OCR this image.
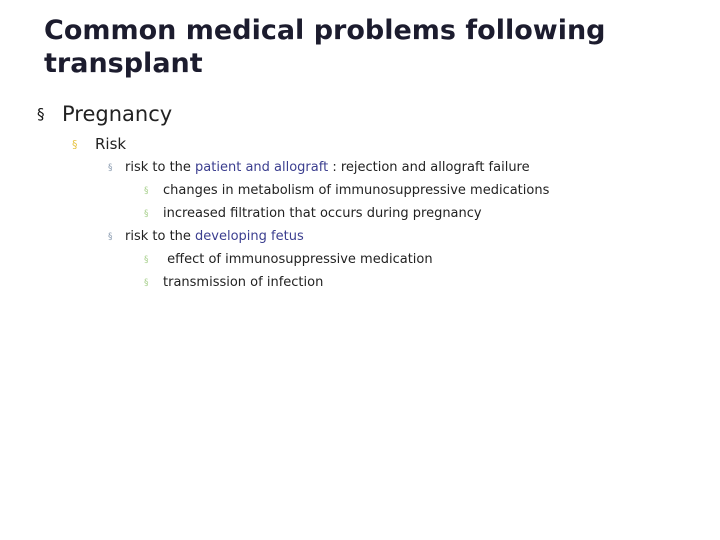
Common medical problems following transplant
§ Pregnancy
§ Risk
§ risk to the patient and allograft : rejection and allograft failure
§ changes in metabolism of immunosuppressive medications
§ increased filtration that occurs during pregnancy
§ risk to the developing fetus
§ effect of immunosuppressive medication
§ transmission of infection
